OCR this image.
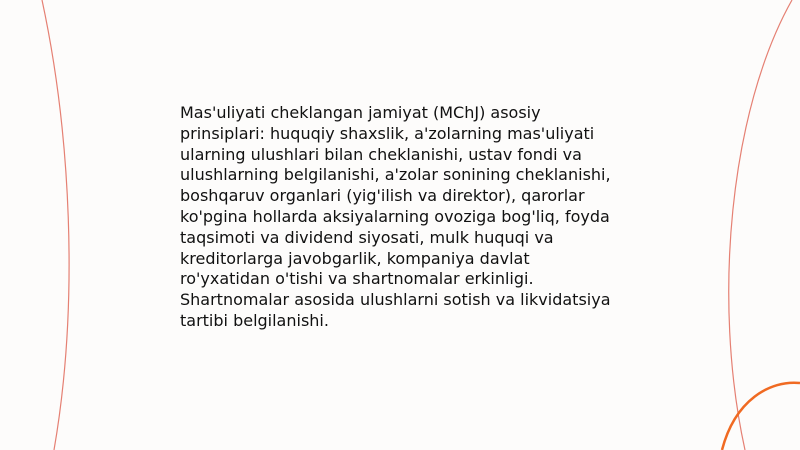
Mas'uliyati cheklangan jamiyat (MChJ) asosiy
prinsiplari: huquqiy shaxslik, a'zolarning mas'uliyati
ularning ulushlari bilan cheklanishi, ustav fondi va
ulushlarning belgilanishi, a'zolar sonining cheklanishi,
boshqaruv organlari (yig'ilish va direktor), qarorlar
ko'pgina hollarda aksiyalarning ovoziga bog'liq, foyda
taqsimoti va dividend siyosati, mulk huquqi va
kreditorlarga javobgarlik, kompaniya davlat
ro'yxatidan o'tishi va shartnomalar erkinligi.
Shartnomalar asosida ulushlarni sotish va likvidatsiya
tartibi belgilanishi.
